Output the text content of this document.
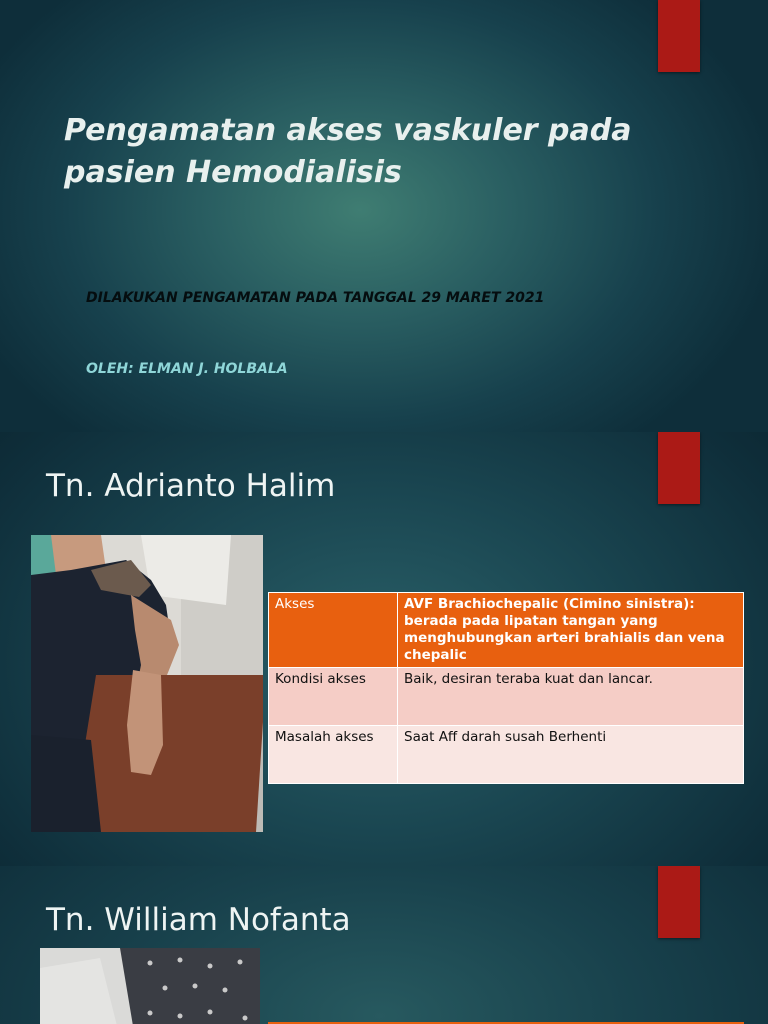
Pengamatan akses vaskuler pada pasien Hemodialisis
DILAKUKAN PENGAMATAN PADA TANGGAL 29 MARET 2021
OLEH: ELMAN J. HOLBALA
Tn. Adrianto Halim
Akses	AVF Brachiochepalic (Cimino sinistra): berada pada lipatan tangan yang menghubungkan arteri brahialis dan vena chepalic
Kondisi akses	Baik, desiran teraba kuat dan lancar.
Masalah akses	Saat Aff darah susah Berhenti
Tn. William Nofanta
